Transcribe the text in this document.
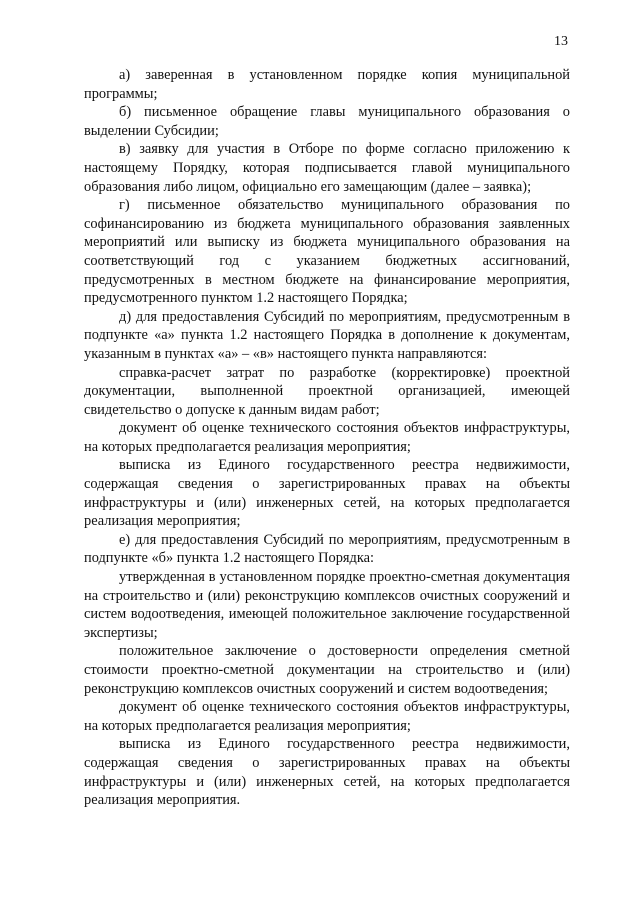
13

а) заверенная в установленном порядке копия муниципальной программы;

б) письменное обращение главы муниципального образования о выделении Субсидии;

в) заявку для участия в Отборе по форме согласно приложению к настоящему Порядку, которая подписывается главой муниципального образования либо лицом, официально его замещающим (далее – заявка);

г) письменное обязательство муниципального образования по софинансированию из бюджета муниципального образования заявленных мероприятий или выписку из бюджета муниципального образования на соответствующий год с указанием бюджетных ассигнований, предусмотренных в местном бюджете на финансирование мероприятия, предусмотренного пунктом 1.2 настоящего Порядка;

д) для предоставления Субсидий по мероприятиям, предусмотренным в подпункте «а» пункта 1.2 настоящего Порядка в дополнение к документам, указанным в пунктах «а» – «в» настоящего пункта направляются:

справка-расчет затрат по разработке (корректировке) проектной документации, выполненной проектной организацией, имеющей свидетельство о допуске к данным видам работ;

документ об оценке технического состояния объектов инфраструктуры, на которых предполагается реализация мероприятия;

выписка из Единого государственного реестра недвижимости, содержащая сведения о зарегистрированных правах на объекты инфраструктуры и (или) инженерных сетей, на которых предполагается реализация мероприятия;

е) для предоставления Субсидий по мероприятиям, предусмотренным в подпункте «б» пункта 1.2 настоящего Порядка:

утвержденная в установленном порядке проектно-сметная документация на строительство и (или) реконструкцию комплексов очистных сооружений и систем водоотведения, имеющей положительное заключение государственной экспертизы;

положительное заключение о достоверности определения сметной стоимости проектно-сметной документации на строительство и (или) реконструкцию комплексов очистных сооружений и систем водоотведения;

документ об оценке технического состояния объектов инфраструктуры, на которых предполагается реализация мероприятия;

выписка из Единого государственного реестра недвижимости, содержащая сведения о зарегистрированных правах на объекты инфраструктуры и (или) инженерных сетей, на которых предполагается реализация мероприятия.
